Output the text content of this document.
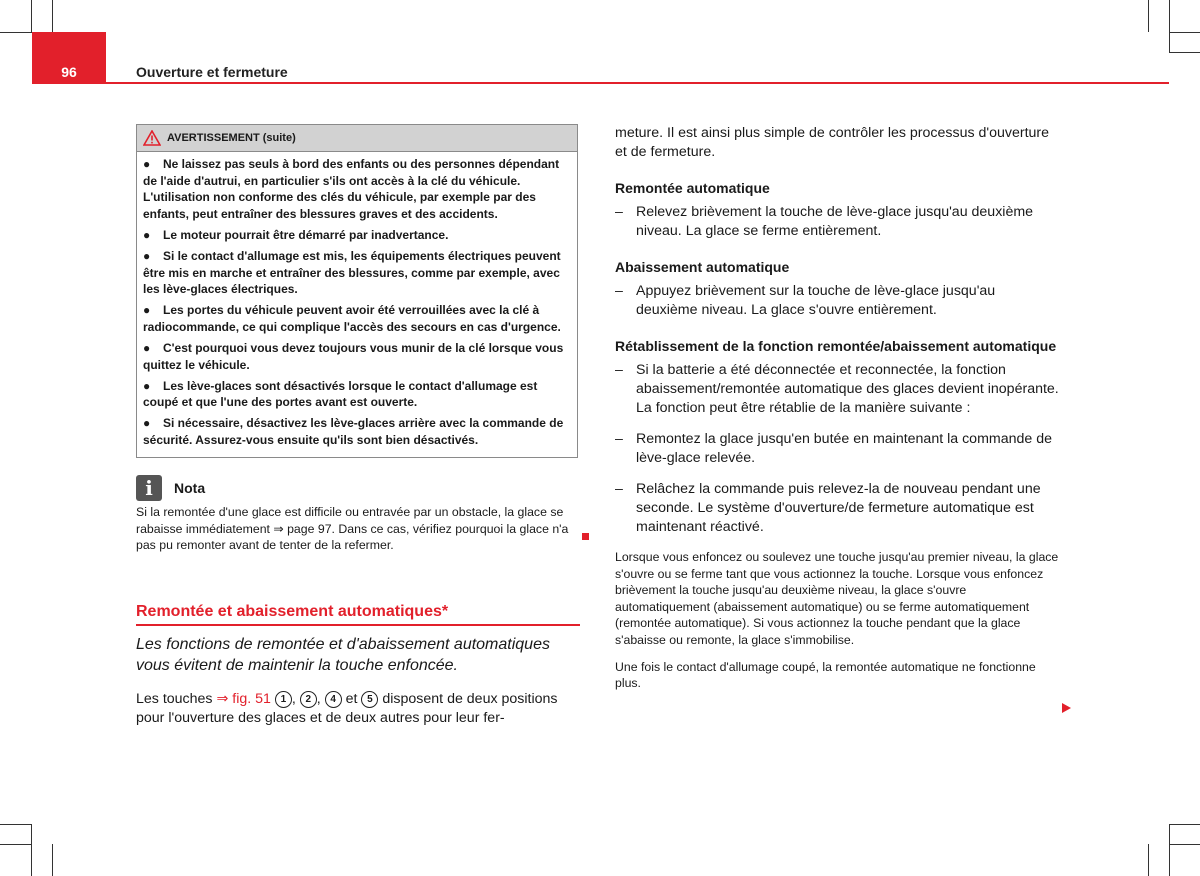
96	Ouverture et fermeture
AVERTISSEMENT (suite)

● Ne laissez pas seuls à bord des enfants ou des personnes dépendant de l'aide d'autrui, en particulier s'ils ont accès à la clé du véhicule. L'utilisation non conforme des clés du véhicule, par exemple par des enfants, peut entraîner des blessures graves et des accidents.

● Le moteur pourrait être démarré par inadvertance.

● Si le contact d'allumage est mis, les équipements électriques peuvent être mis en marche et entraîner des blessures, comme par exemple, avec les lève-glaces électriques.

● Les portes du véhicule peuvent avoir été verrouillées avec la clé à radiocommande, ce qui complique l'accès des secours en cas d'urgence.

● C'est pourquoi vous devez toujours vous munir de la clé lorsque vous quittez le véhicule.

● Les lève-glaces sont désactivés lorsque le contact d'allumage est coupé et que l'une des portes avant est ouverte.

● Si nécessaire, désactivez les lève-glaces arrière avec la commande de sécurité. Assurez-vous ensuite qu'ils sont bien désactivés.

i	Nota
Si la remontée d'une glace est difficile ou entravée par un obstacle, la glace se rabaisse immédiatement ⇒ page 97. Dans ce cas, vérifiez pourquoi la glace n'a pas pu remonter avant de tenter de la refermer.
Remontée et abaissement automatiques*
Les fonctions de remontée et d'abaissement automatiques vous évitent de maintenir la touche enfoncée.
Les touches ⇒ fig. 51 1 , 2 , 4 et 5 disposent de deux positions pour l'ouverture des glaces et de deux autres pour leur fer-

meture. Il est ainsi plus simple de contrôler les processus d'ouverture et de fermeture.

Remontée automatique
– Relevez brièvement la touche de lève-glace jusqu'au deuxième niveau. La glace se ferme entièrement.
Abaissement automatique
– Appuyez brièvement sur la touche de lève-glace jusqu'au deuxième niveau. La glace s'ouvre entièrement.
Rétablissement de la fonction remontée/abaissement automatique
– Si la batterie a été déconnectée et reconnectée, la fonction abaissement/remontée automatique des glaces devient inopérante. La fonction peut être rétablie de la manière suivante :
– Remontez la glace jusqu'en butée en maintenant la commande de lève-glace relevée.
– Relâchez la commande puis relevez-la de nouveau pendant une seconde. Le système d'ouverture/de fermeture automatique est maintenant réactivé.

Lorsque vous enfoncez ou soulevez une touche jusqu'au premier niveau, la glace s'ouvre ou se ferme tant que vous actionnez la touche. Lorsque vous enfoncez brièvement la touche jusqu'au deuxième niveau, la glace s'ouvre automatiquement (abaissement automatique) ou se ferme automatiquement (remontée automatique). Si vous actionnez la touche pendant que la glace s'abaisse ou remonte, la glace s'immobilise.

Une fois le contact d'allumage coupé, la remontée automatique ne fonctionne plus.
